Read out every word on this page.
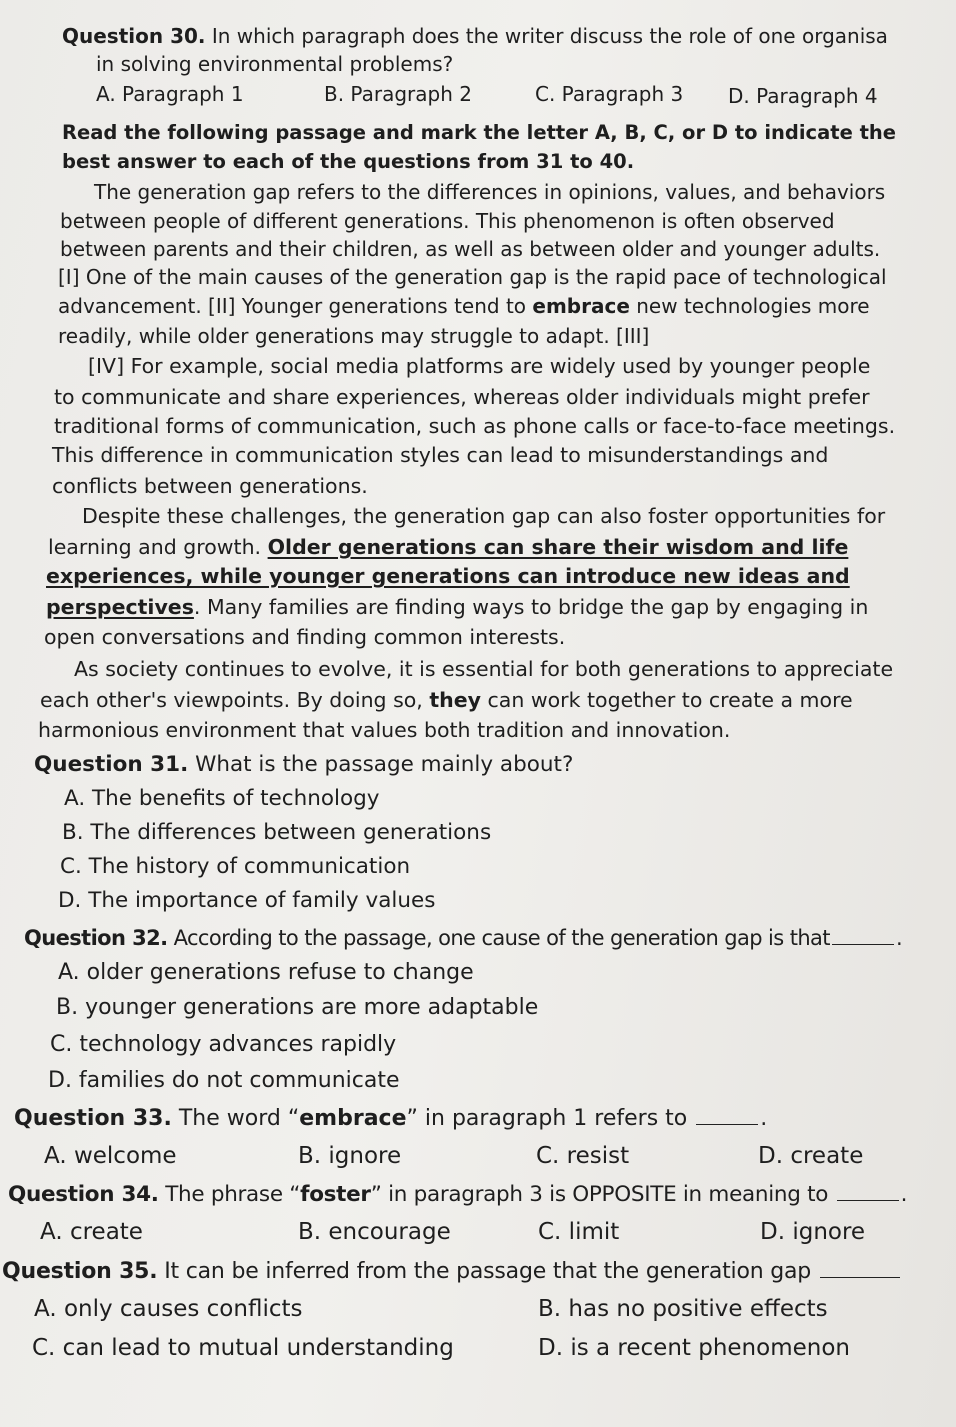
Question 30. In which paragraph does the writer discuss the role of one organisa
in solving environmental problems?
A. Paragraph 1	B. Paragraph 2	C. Paragraph 3 D. Paragraph 4
Read the following passage and mark the letter A, B, C, or D to indicate the
best answer to each of the questions from 31 to 40.
The generation gap refers to the differences in opinions, values, and behaviors
between people of different generations. This phenomenon is often observed
between parents and their children, as well as between older and younger adults.
[I] One of the main causes of the generation gap is the rapid pace of technological
advancement. [II] Younger generations tend to embrace new technologies more
readily, while older generations may struggle to adapt. [III]
[IV] For example, social media platforms are widely used by younger people
to communicate and share experiences, whereas older individuals might prefer
traditional forms of communication, such as phone calls or face-to-face meetings.
This difference in communication styles can lead to misunderstandings and
conflicts between generations.
Despite these challenges, the generation gap can also foster opportunities for
learning and growth. Older generations can share their wisdom and life
experiences, while younger generations can introduce new ideas and
perspectives. Many families are finding ways to bridge the gap by engaging in
open conversations and finding common interests.
As society continues to evolve, it is essential for both generations to appreciate
each other's viewpoints. By doing so, they can work together to create a more
harmonious environment that values both tradition and innovation.
Question 31. What is the passage mainly about?
A. The benefits of technology
B. The differences between generations
C. The history of communication
D. The importance of family values
Question 32. According to the passage, one cause of the generation gap is that	.
A. older generations refuse to change
B. younger generations are more adaptable
C. technology advances rapidly
D. families do not communicate
Question 33. The word “embrace” in paragraph 1 refers to	.
A. welcome	B. ignore	C. resist	D. create
Question 34. The phrase “foster” in paragraph 3 is OPPOSITE in meaning to	.
A. create	B. encourage	C. limit	D. ignore
Question 35. It can be inferred from the passage that the generation gap
A. only causes conflicts	B. has no positive effects
C. can lead to mutual understanding	D. is a recent phenomenon
